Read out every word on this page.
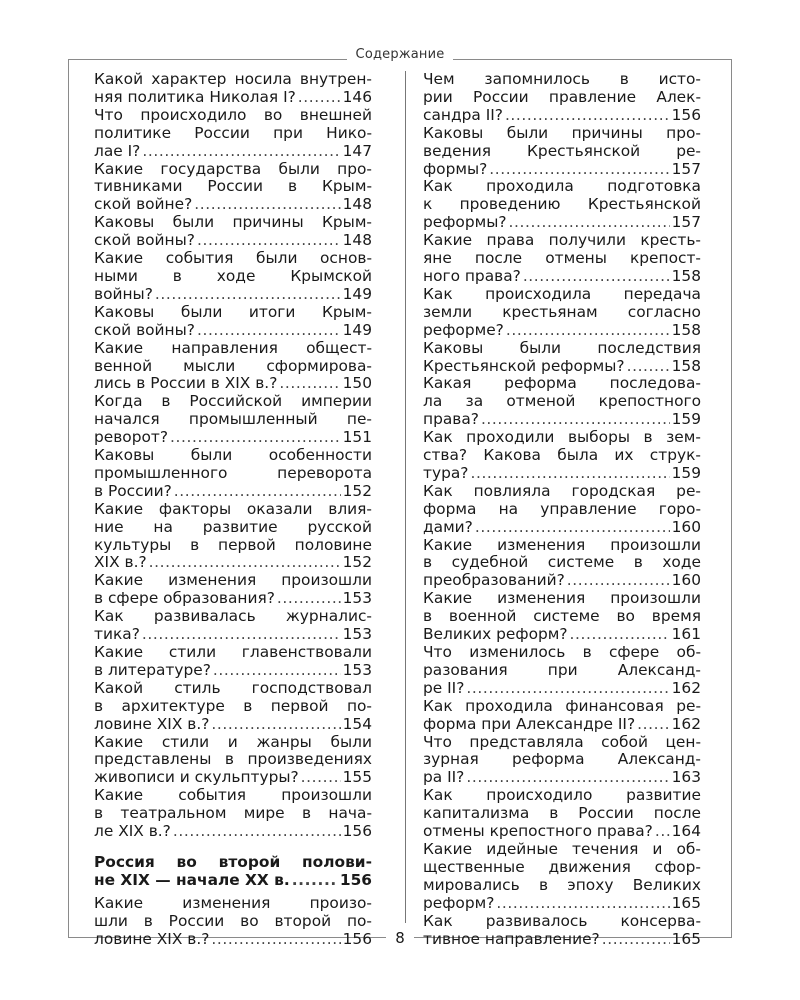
Содержание
Какой характер носила внутрен-
няя политика Николая I? .....	146
Что происходило во внешней
политике России при Нико-
лае I? .....	147
Какие государства были про-
тивниками России в Крым-
ской войне? .....	148
Каковы были причины Крым-
ской войны? .....	148
Какие события были основ-
ными в ходе Крымской
войны? .....	149
Каковы были итоги Крым-
ской войны? .....	149
Какие направления общест-
венной мысли сформирова-
лись в России в XIX в.? .....	150
Когда в Российской империи
начался промышленный пе-
реворот? .....	151
Каковы были особенности
промышленного	переворота
в России? .....	152
Какие факторы оказали влия-
ние на развитие русской
культуры в первой половине
XIX в.? .....	152
Какие изменения произошли
в сфере образования? .....	153
Как развивалась журналис-
тика? .....	153
Какие стили главенствовали
в литературе? .....	153
Какой стиль господствовал
в архитектуре в первой по-
ловине XIX в.? .....	154
Какие стили и жанры были
представлены в произведениях
живописи и скульптуры? .....	155
Какие события произошли
в театральном мире в нача-
ле XIX в.? .....	156
Россия во второй полови-
не XIX — начале XX в. .....	156
Какие	изменения	произо-
шли в России во второй по-
ловине XIX в.? .....	156
Чем запомнилось в исто-
рии России правление Алек-
сандра II? .....	156
Каковы были причины про-
ведения Крестьянской ре-
формы? .....	157
Как проходила подготовка
к проведению Крестьянской
реформы? .....	157
Какие права получили кресть-
яне после отмены крепост-
ного права? .....	158
Как происходила передача
земли крестьянам согласно
реформе? .....	158
Каковы были последствия
Крестьянской реформы? .....	158
Какая реформа последова-
ла за отменой крепостного
права? .....	159
Как проходили выборы в зем-
ства? Какова была их струк-
тура? .....	159
Как повлияла городская ре-
форма на управление горо-
дами? .....	160
Какие изменения произошли
в судебной системе в ходе
преобразований? .....	160
Какие изменения произошли
в военной системе во время
Великих реформ? .....	161
Что изменилось в сфере об-
разования	при	Александ-
ре II? .....	162
Как проходила финансовая ре-
форма при Александре II? ..... 162
Что представляла собой цен-
зурная реформа Александ-
ра II? .....	163
Как происходило развитие
капитализма в России после
отмены крепостного права? ..... 164
Какие идейные течения и об-
щественные движения сфор-
мировались в эпоху Великих
реформ? .....	165
Как развивалось консерва-
тивное направление? .....	165
8
